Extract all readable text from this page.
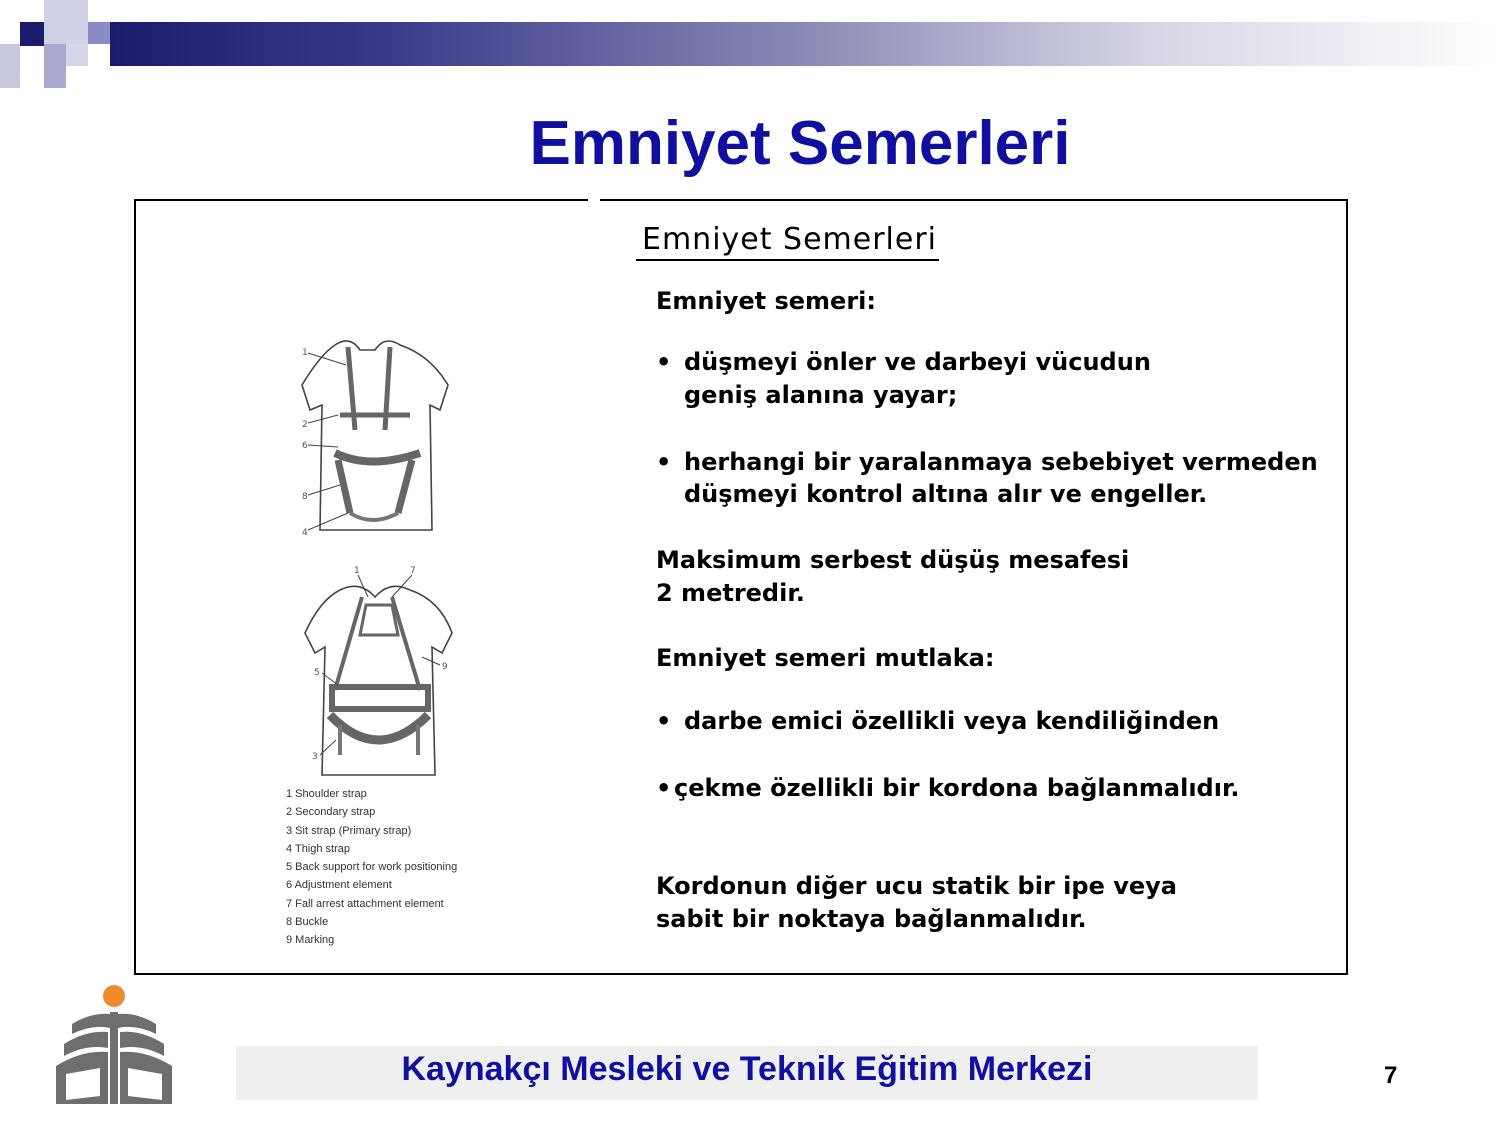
Emniyet Semerleri
1
2
6
8
4
1	7
5
9
3
1 Shoulder strap
2 Secondary strap
3 Sit strap (Primary strap)
4 Thigh strap
5 Back support for work positioning
6 Adjustment element
7 Fall arrest attachment element
8 Buckle
9 Marking
Emniyet Semerleri

Emniyet semeri:

• düşmeyi önler ve darbeyi vücudun

geniş alanına yayar;

• herhangi bir yaralanmaya sebebiyet vermeden

düşmeyi kontrol altına alır ve engeller.

Maksimum serbest düşüş mesafesi

2 metredir.

Emniyet semeri mutlaka:

• darbe emici özellikli veya kendiliğinden
• çekme özellikli bir kordona bağlanmalıdır.

Kordonun diğer ucu statik bir ipe veya

sabit bir noktaya bağlanmalıdır.

Kaynakçı Mesleki ve Teknik Eğitim Merkezi	7
